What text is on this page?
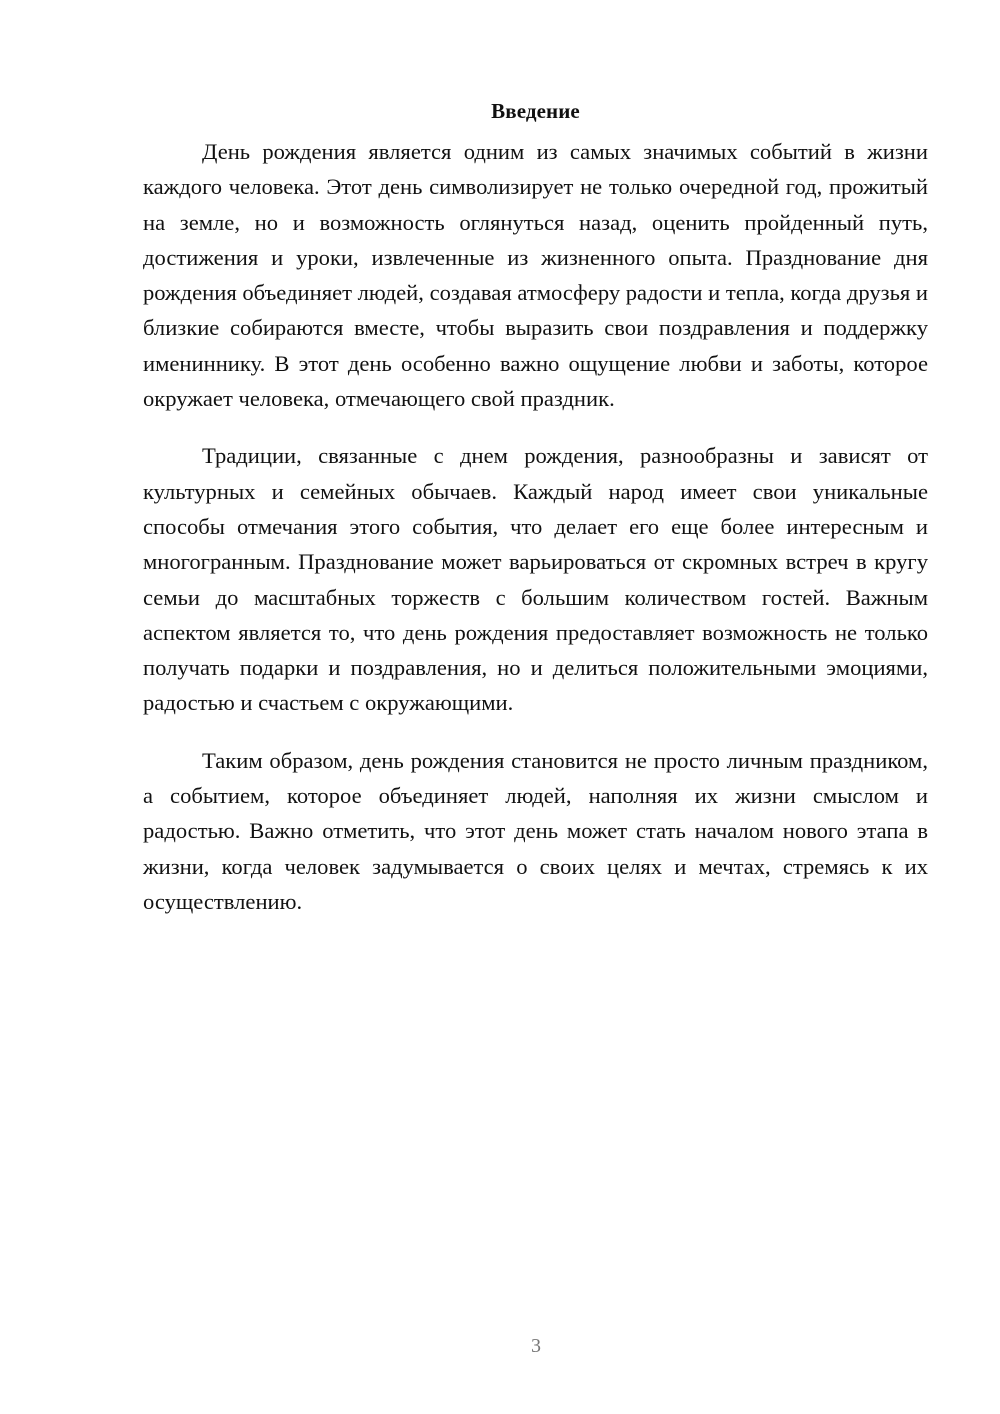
Введение

День рождения является одним из самых значимых событий в жизни каждого человека. Этот день символизирует не только очередной год, прожитый на земле, но и возможность оглянуться назад, оценить пройденный путь, достижения и уроки, извлеченные из жизненного опыта. Празднование дня рождения объединяет людей, создавая атмосферу радости и тепла, когда друзья и близкие собираются вместе, чтобы выразить свои поздравления и поддержку имениннику. В этот день особенно важно ощущение любви и заботы, которое окружает человека, отмечающего свой праздник.

Традиции, связанные с днем рождения, разнообразны и зависят от культурных и семейных обычаев. Каждый народ имеет свои уникальные способы отмечания этого события, что делает его еще более интересным и многогранным. Празднование может варьироваться от скромных встреч в кругу семьи до масштабных торжеств с большим количеством гостей. Важным аспектом является то, что день рождения предоставляет возможность не только получать подарки и поздравления, но и делиться положительными эмоциями, радостью и счастьем с окружающими.

Таким образом, день рождения становится не просто личным праздником, а событием, которое объединяет людей, наполняя их жизни смыслом и радостью. Важно отметить, что этот день может стать началом нового этапа в жизни, когда человек задумывается о своих целях и мечтах, стремясь к их осуществлению.

3
